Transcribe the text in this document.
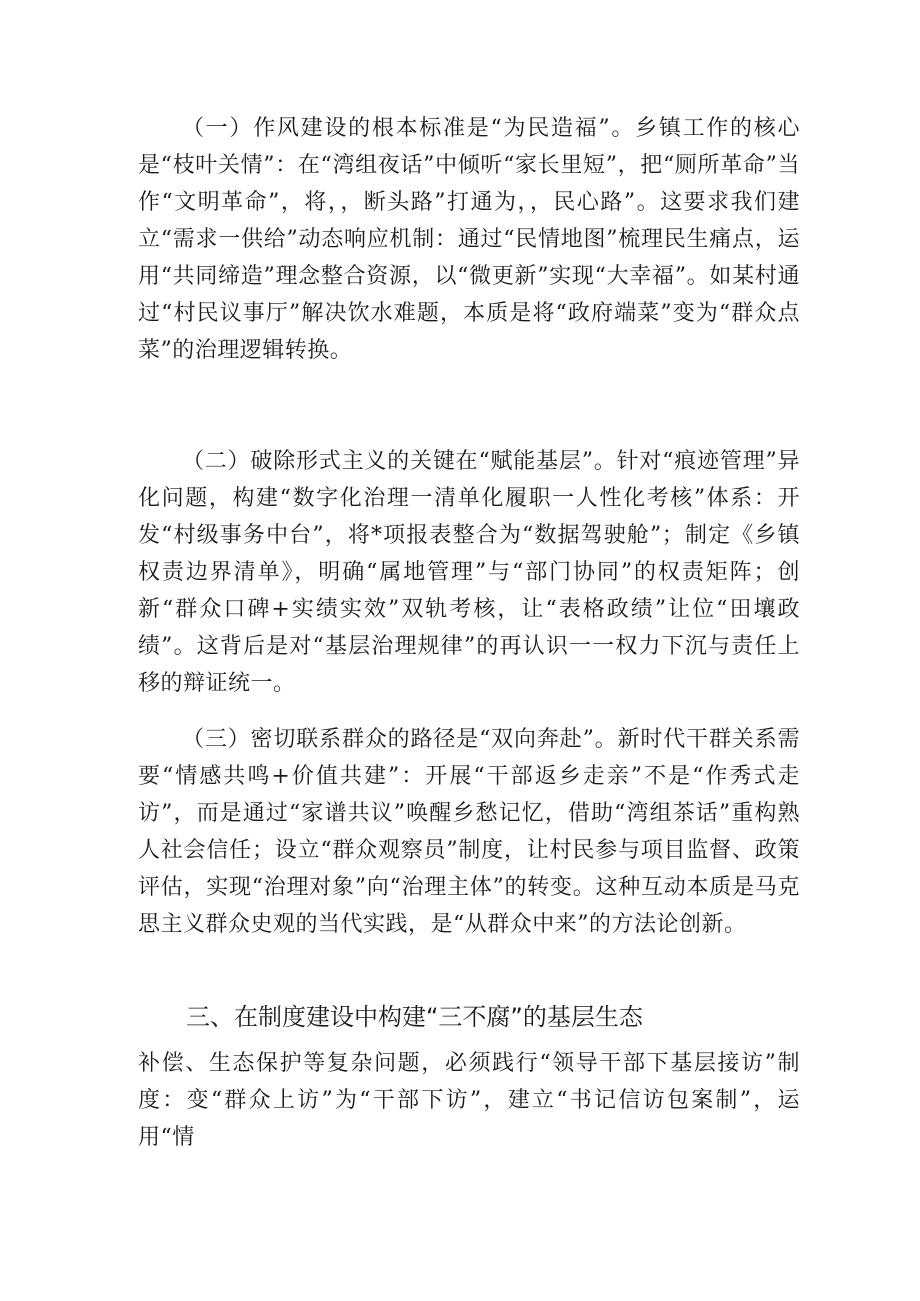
（一）作风建设的根本标准是“为民造福”。乡镇工作的核心是“枝叶关情”：在“湾组夜话”中倾听“家长里短”，把“厕所革命”当作“文明革命”，将，，断头路”打通为，，民心路”。这要求我们建立“需求一供给”动态响应机制：通过“民情地图”梳理民生痛点，运用“共同缔造”理念整合资源，以“微更新”实现“大幸福”。如某村通过“村民议事厅”解决饮水难题，本质是将“政府端菜”变为“群众点菜”的治理逻辑转换。

（二）破除形式主义的关键在“赋能基层”。针对“痕迹管理”异化问题，构建“数字化治理一清单化履职一人性化考核”体系：开发“村级事务中台”，将*项报表整合为“数据驾驶舱”；制定《乡镇权责边界清单》，明确“属地管理”与“部门协同”的权责矩阵；创新“群众口碑+实绩实效”双轨考核，让“表格政绩”让位“田壤政绩”。这背后是对“基层治理规律”的再认识一一权力下沉与责任上移的辩证统一。

（三）密切联系群众的路径是“双向奔赴”。新时代干群关系需要“情感共鸣+价值共建”：开展“干部返乡走亲”不是“作秀式走访”，而是通过“家谱共议”唤醒乡愁记忆，借助“湾组茶话”重构熟人社会信任；设立“群众观察员”制度，让村民参与项目监督、政策评估，实现“治理对象”向“治理主体”的转变。这种互动本质是马克思主义群众史观的当代实践，是“从群众中来”的方法论创新。

三、在制度建设中构建“三不腐”的基层生态

补偿、生态保护等复杂问题，必须践行“领导干部下基层接访”制度：变“群众上访”为“干部下访”，建立“书记信访包案制”，运用“情
